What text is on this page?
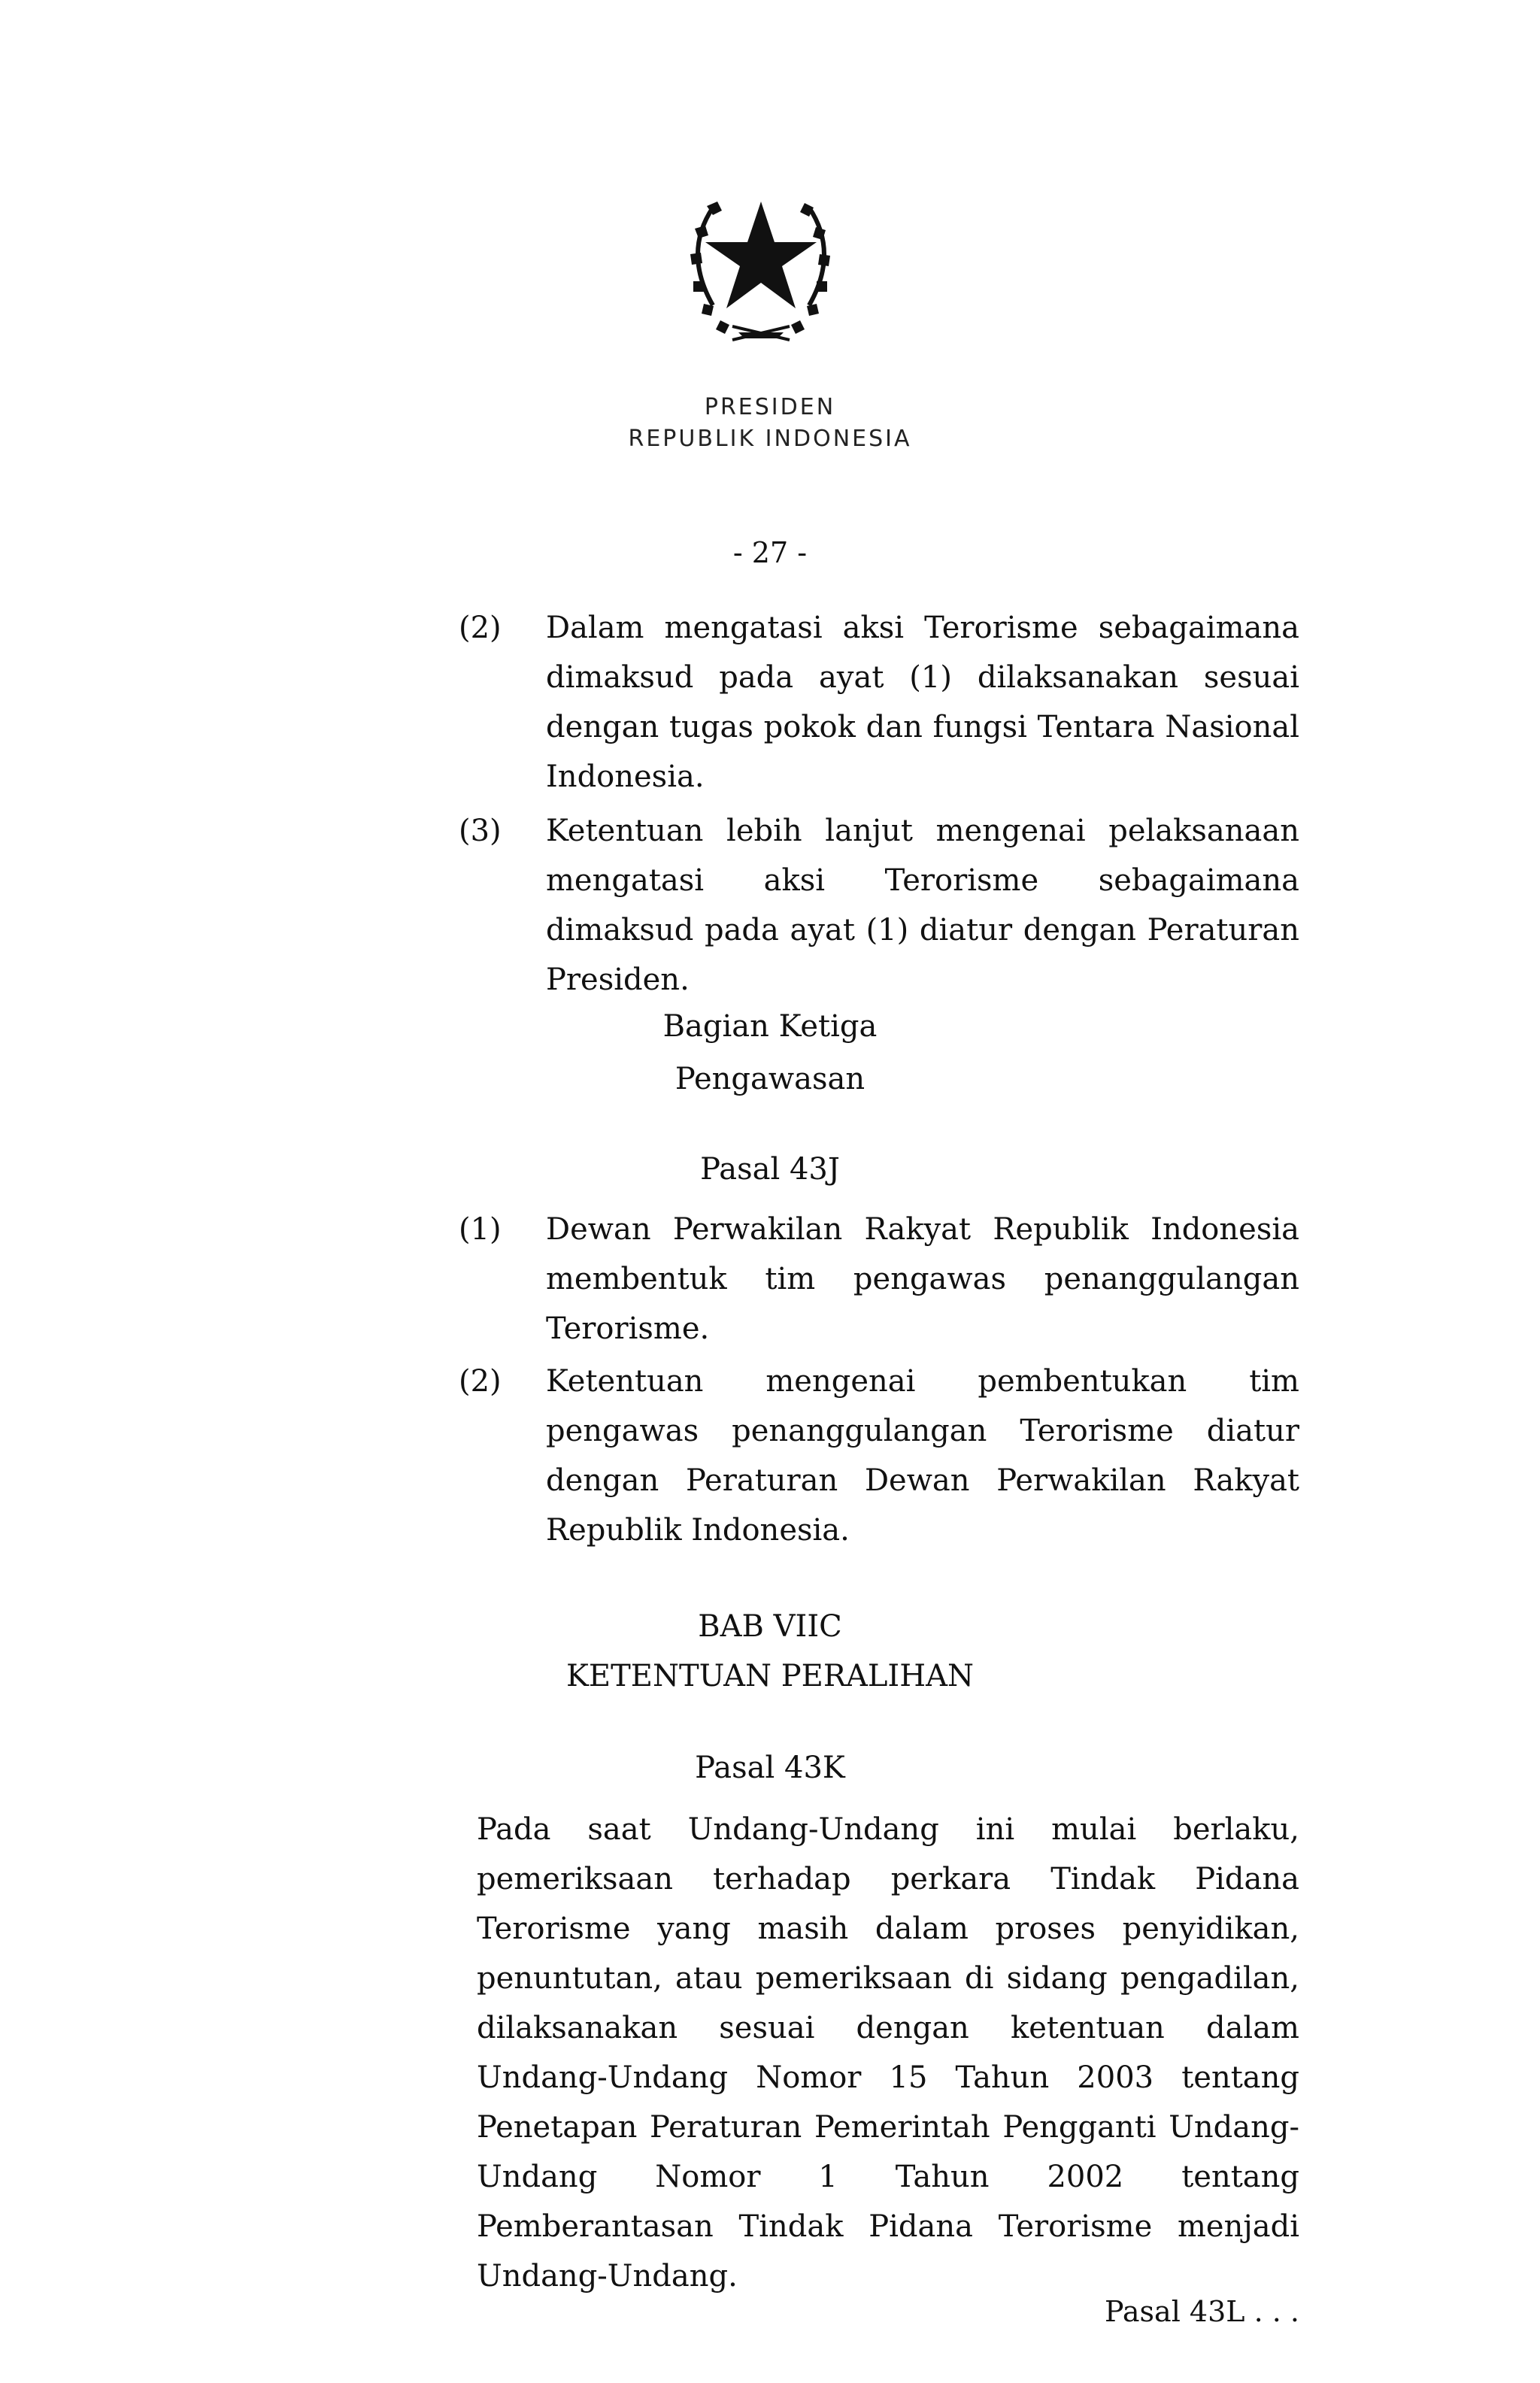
PRESIDEN
REPUBLIK INDONESIA
- 27 -
(2) Dalam mengatasi aksi Terorisme sebagaimana dimaksud pada ayat (1) dilaksanakan sesuai dengan tugas pokok dan fungsi Tentara Nasional Indonesia.
(3) Ketentuan lebih lanjut mengenai pelaksanaan mengatasi aksi Terorisme sebagaimana dimaksud pada ayat (1) diatur dengan Peraturan Presiden.
Bagian Ketiga
Pengawasan
Pasal 43J
(1) Dewan Perwakilan Rakyat Republik Indonesia membentuk tim pengawas penanggulangan Terorisme.
(2) Ketentuan mengenai pembentukan tim pengawas penanggulangan Terorisme diatur dengan Peraturan Dewan Perwakilan Rakyat Republik Indonesia.
BAB VIIC
KETENTUAN PERALIHAN
Pasal 43K
Pada saat Undang-Undang ini mulai berlaku, pemeriksaan terhadap perkara Tindak Pidana Terorisme yang masih dalam proses penyidikan, penuntutan, atau pemeriksaan di sidang pengadilan, dilaksanakan sesuai dengan ketentuan dalam Undang-Undang Nomor 15 Tahun 2003 tentang Penetapan Peraturan Pemerintah Pengganti Undang-Undang Nomor 1 Tahun 2002 tentang Pemberantasan Tindak Pidana Terorisme menjadi Undang-Undang.
Pasal 43L . . .
